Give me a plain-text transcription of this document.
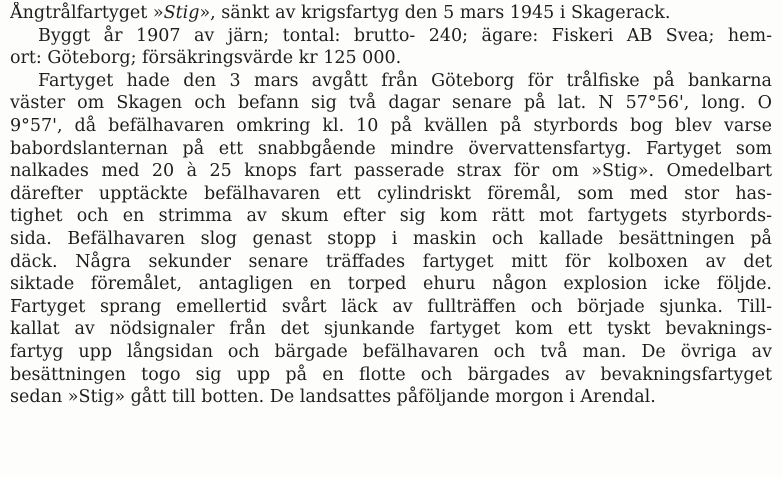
Ångtrålfartyget »Stig», sänkt av krigsfartyg den 5 mars 1945 i Skagerack.
Byggt år 1907 av järn; tontal: brutto- 240; ägare: Fiskeri AB Svea; hem-
ort: Göteborg; försäkringsvärde kr 125 000.
Fartyget hade den 3 mars avgått från Göteborg för trålfiske på bankarna
väster om Skagen och befann sig två dagar senare på lat. N 57°56', long. O
9°57', då befälhavaren omkring kl. 10 på kvällen på styrbords bog blev varse
babordslanternan på ett snabbgående mindre övervattensfartyg. Fartyget som
nalkades med 20 à 25 knops fart passerade strax för om »Stig». Omedelbart
därefter upptäckte befälhavaren ett cylindriskt föremål, som med stor has-
tighet och en strimma av skum efter sig kom rätt mot fartygets styrbords-
sida. Befälhavaren slog genast stopp i maskin och kallade besättningen på
däck. Några sekunder senare träffades fartyget mitt för kolboxen av det
siktade föremålet, antagligen en torped ehuru någon explosion icke följde.
Fartyget sprang emellertid svårt läck av fullträffen och började sjunka. Till-
kallat av nödsignaler från det sjunkande fartyget kom ett tyskt bevaknings-
fartyg upp långsidan och bärgade befälhavaren och två man. De övriga av
besättningen togo sig upp på en flotte och bärgades av bevakningsfartyget
sedan »Stig» gått till botten. De landsattes påföljande morgon i Arendal.
